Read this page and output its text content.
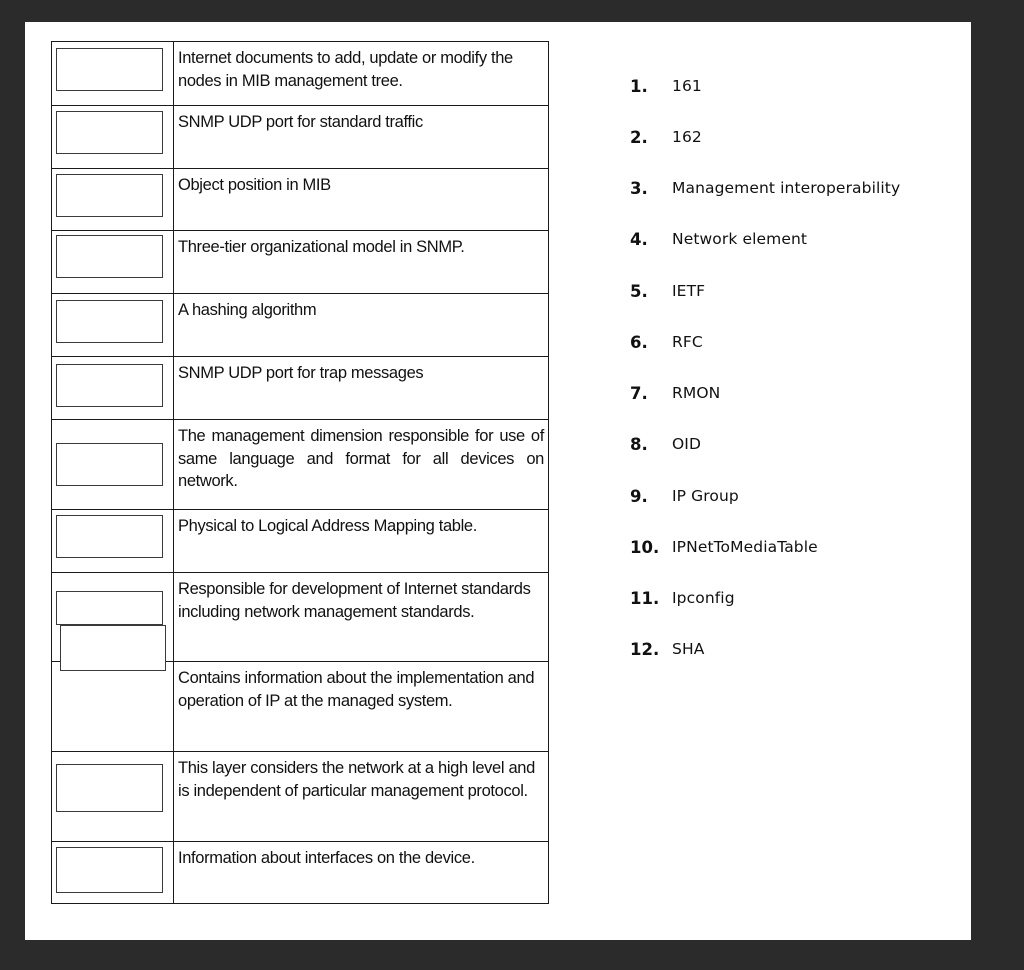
	Internet documents to add, update or modify the nodes in MIB management tree.

	SNMP UDP port for standard traffic

	Object position in MIB

	Three-tier organizational model in SNMP.

	A hashing algorithm

	SNMP UDP port for trap messages

	The management dimension responsible for use of same language and format for all devices on network.

	Physical to Logical Address Mapping table.

	Responsible for development of Internet standards including network management standards.
	Contains information about the implementation and operation of IP at the managed system.

	This layer considers the network at a high level and is independent of particular management protocol.

	Information about interfaces on the device.
1.	161
2.	162
3.	Management interoperability
4.	Network element
5.	IETF
6.	RFC
7.	RMON
8.	OID
9.	IP Group
10. IPNetToMediaTable
11. Ipconfig
12. SHA
